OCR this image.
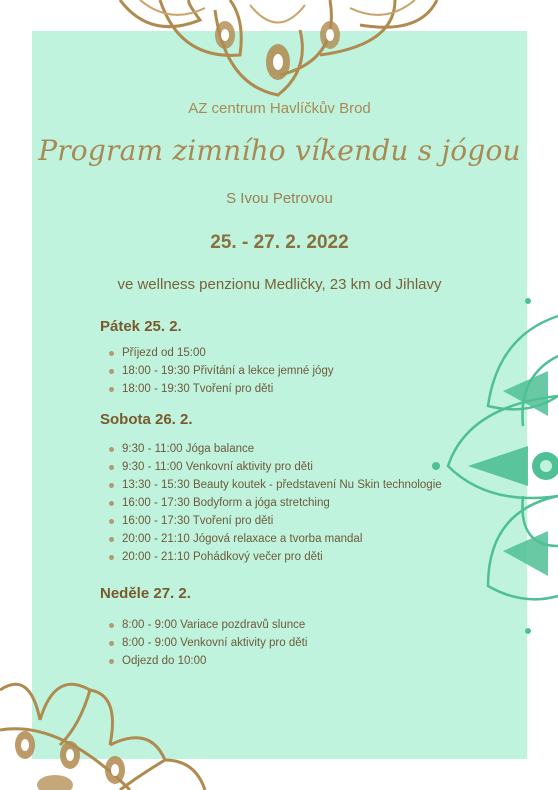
AZ centrum Havlíčkův Brod
Program zimního víkendu s jógou
S Ivou Petrovou
25. - 27. 2. 2022
ve wellness penzionu Medličky, 23 km od Jihlavy
Pátek 25. 2.
Příjezd od 15:00
18:00 - 19:30 Přivítání a lekce jemné jógy
18:00 - 19:30 Tvoření pro děti
Sobota 26. 2.
9:30 - 11:00 Jóga balance
9:30 - 11:00 Venkovní aktivity pro děti
13:30 - 15:30 Beauty koutek - představení Nu Skin technologie
16:00 - 17:30 Bodyform a jóga stretching
16:00 - 17:30 Tvoření pro děti
20:00 - 21:10 Jógová relaxace a tvorba mandal
20:00 - 21:10 Pohádkový večer pro děti
Neděle 27. 2.
8:00 - 9:00 Variace pozdravů slunce
8:00 - 9:00 Venkovní aktivity pro děti
Odjezd do 10:00
